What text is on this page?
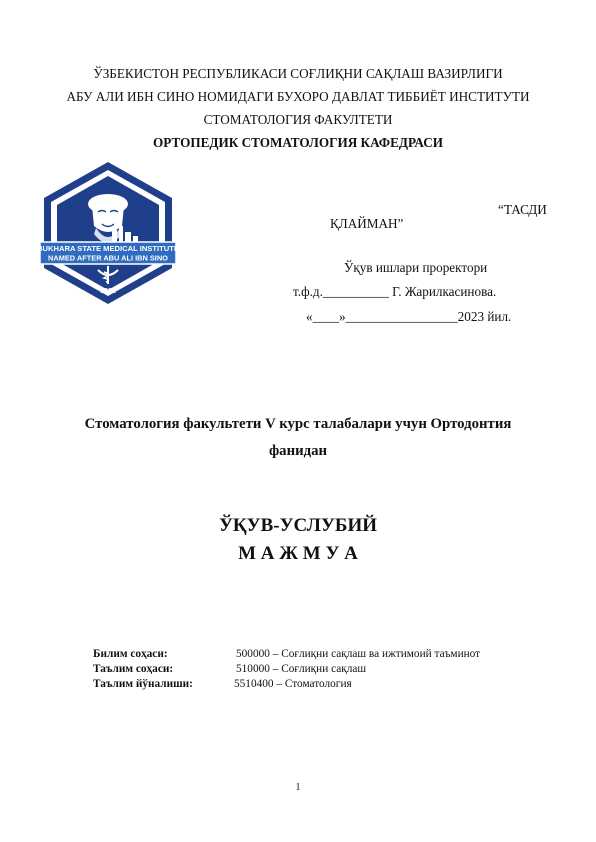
ЎЗБЕКИСТОН РЕСПУБЛИКАСИ СОҒЛИҚНИ САҚЛАШ ВАЗИРЛИГИ
АБУ АЛИ ИБН СИНО НОМИДАГИ БУХОРО ДАВЛАТ ТИББИЁТ ИНСТИТУТИ
СТОМАТОЛОГИЯ ФАКУЛТЕТИ
ОРТОПЕДИК СТОМАТОЛОГИЯ КАФЕДРАСИ
BUKHARA STATE MEDICAL INSTITUTE
NAMED AFTER ABU ALI IBN SINO
1991
“ТАСДИ
ҚЛАЙМАН”
Ўқув ишлари проректори
т.ф.д.__________ Г. Жарилкасинова.
«____»_________________2023 йил.
Стоматология факультети V курс талабалари учун Ортодонтия
фанидан
ЎҚУВ-УСЛУБИЙ
М А Ж М У А
Билим соҳаси:	500000 – Соғлиқни сақлаш ва ижтимоий таъминот
Таълим соҳаси:	510000 – Соғлиқни сақлаш
Таълим йўналиши:	5510400 – Стоматология
1
